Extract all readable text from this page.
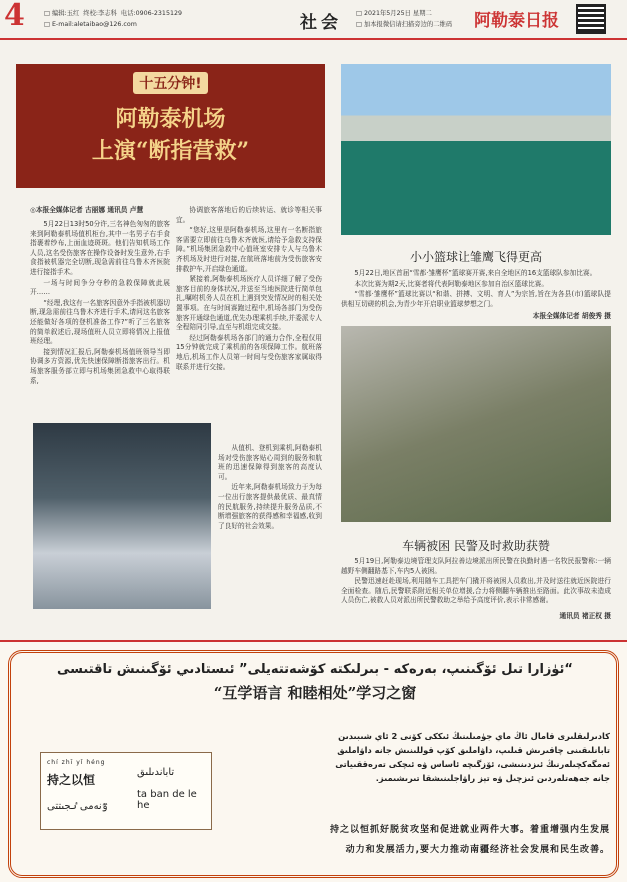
4	□ 编辑:玉红 终校:李志科 电话:0906-2315129
□ E-mail:aletaibao@126.com	社会 □ 2021年5月25日 星期二
□ 加本报微信请扫描旁边的二维码 阿勒泰日报
十五分钟!
阿勒泰机场
上演“断指营救”
◎本报全媒体记者 古丽娜 通讯员 卢慧

5月22日13时50分许,三名神色匆匆的旅客来到阿勒泰机场值机柜台,其中一名男子右手食指裹着纱布,上面血迹斑斑。他们告知机场工作人员,这名受伤旅客在操作设备时发生意外,右手食指被机器完全切断,现急需前往乌鲁木齐医院进行接指手术。

一场与时间争分夺秒的急救保障就此展开……

“经理,我这有一名旅客因意外手指被机器切断,现急需前往乌鲁木齐进行手术,请问这名旅客还能做好各项的登机准备工作?”听了三名旅客的简单叙述后,现场值班人员立即将情况上报值班经理。

接到情况汇报后,阿勒泰机场值班领导当即协调多方资源,优先快速保障断指旅客出行。机场旅客服务部立即与机场集团急救中心取得联系,

协调旅客落地后的后续转运、就诊等相关事宜。

“您好,这里是阿勒泰机场,这里有一名断指旅客需要立即前往乌鲁木齐就医,请给予急救支持保障。”机场集团急救中心值班室安排专人与乌鲁木齐机场及时进行对接,在航班落地前为受伤旅客安排救护车,开启绿色通道。

紧接着,阿勒泰机场医疗人员详细了解了受伤旅客目前的身体状况,并送至当地医院进行简单包扎,嘱咐机务人员在机上遇到突发情况时的相关处置事项。在与时间赛跑过程中,机场各部门为受伤旅客开通绿色通道,优先办理乘机手续,并委派专人全程陪同引导,直至与机组完成交接。

经过阿勒泰机场各部门的通力合作,全程仅用15分钟就完成了乘机前的各项保障工作。航班落地后,机场工作人员第一时间与受伤旅客家属取得联系并进行交接。

从值机、登机到乘机,阿勒泰机场对受伤旅客贴心周到的服务和航班的迅速保障得到旅客的高度认可。

近年来,阿勒泰机场致力于为每一位出行旅客提供最优质、最真情的民航服务,持续提升服务品质,不断增强旅客的获得感和幸福感,收到了良好的社会效果。

小小篮球让雏鹰飞得更高

5月22日,地区首届“雪都·雏鹰杯”篮球赛开赛,来自全地区的16支篮球队参加比赛。

本次比赛为期2天,比赛者将代表阿勒泰地区参加自治区篮球比赛。

“雪都·雏鹰杯”篮球比赛以“和谐、拼搏、文明、育人”为宗旨,旨在为各县(市)篮球队提供相互切磋的机会,为青少年开启职业篮球梦想之门。

本报全媒体记者 胡俊秀 摄
车辆被困 民警及时救助获赞

5月19日,阿勒泰边境管理支队阿拉善边境派出所民警在执勤时遇一名牧民报警称:一辆越野车侧翻路基下,车内5人被困。

民警迅速赶赴现场,利用随车工具把车门撬开将被困人员救出,并及时送往就近医院进行全面检查。随后,民警联系附近相关单位增援,合力将侧翻车辆推出至路面。此次事故未造成人员伤亡,被救人员对派出所民警救助之举给予高度评价,表示非常感谢。

通讯员 褚正权 摄
“ئۈزارا تىل ئۆگىنىپ، بەرەكە - بىرلىكتە كۆشەتتەيلى” ئىستادىي ئۆگىنىش تاقتىسى
“互学语言 和睦相处”学习之窗
كادىرلىقلىرى قامال ئاڭ ماي جۈمىلىنىڭ ئىككى كۆنى 2 ئاي شىبىدىن
تابانلىقىنى چاقىرىش قىلىپ، داۋاملىق كۆپ قوللىنىش جانە داۋاملىق
ئەمگەكچىلەرنىڭ ئىزدىنىشى، ئۆزگىچە ئاساس ۋە ئىچكى تەرەققىياتى
جانە جەھەتلەردىن ئىزچىل ۋە تېز راۋاجلىنىشقا تىرىشىمىز.
持之以恒抓好脱贫攻坚和促进就业两件大事。着重增强内生发展
动力和发展活力,要大力推动南疆经济社会发展和民生改善。
chí zhī yǐ héng
持之以恒
ٷنەمى ٸجىتتى
تاباندىلىق
ta ban de le he
